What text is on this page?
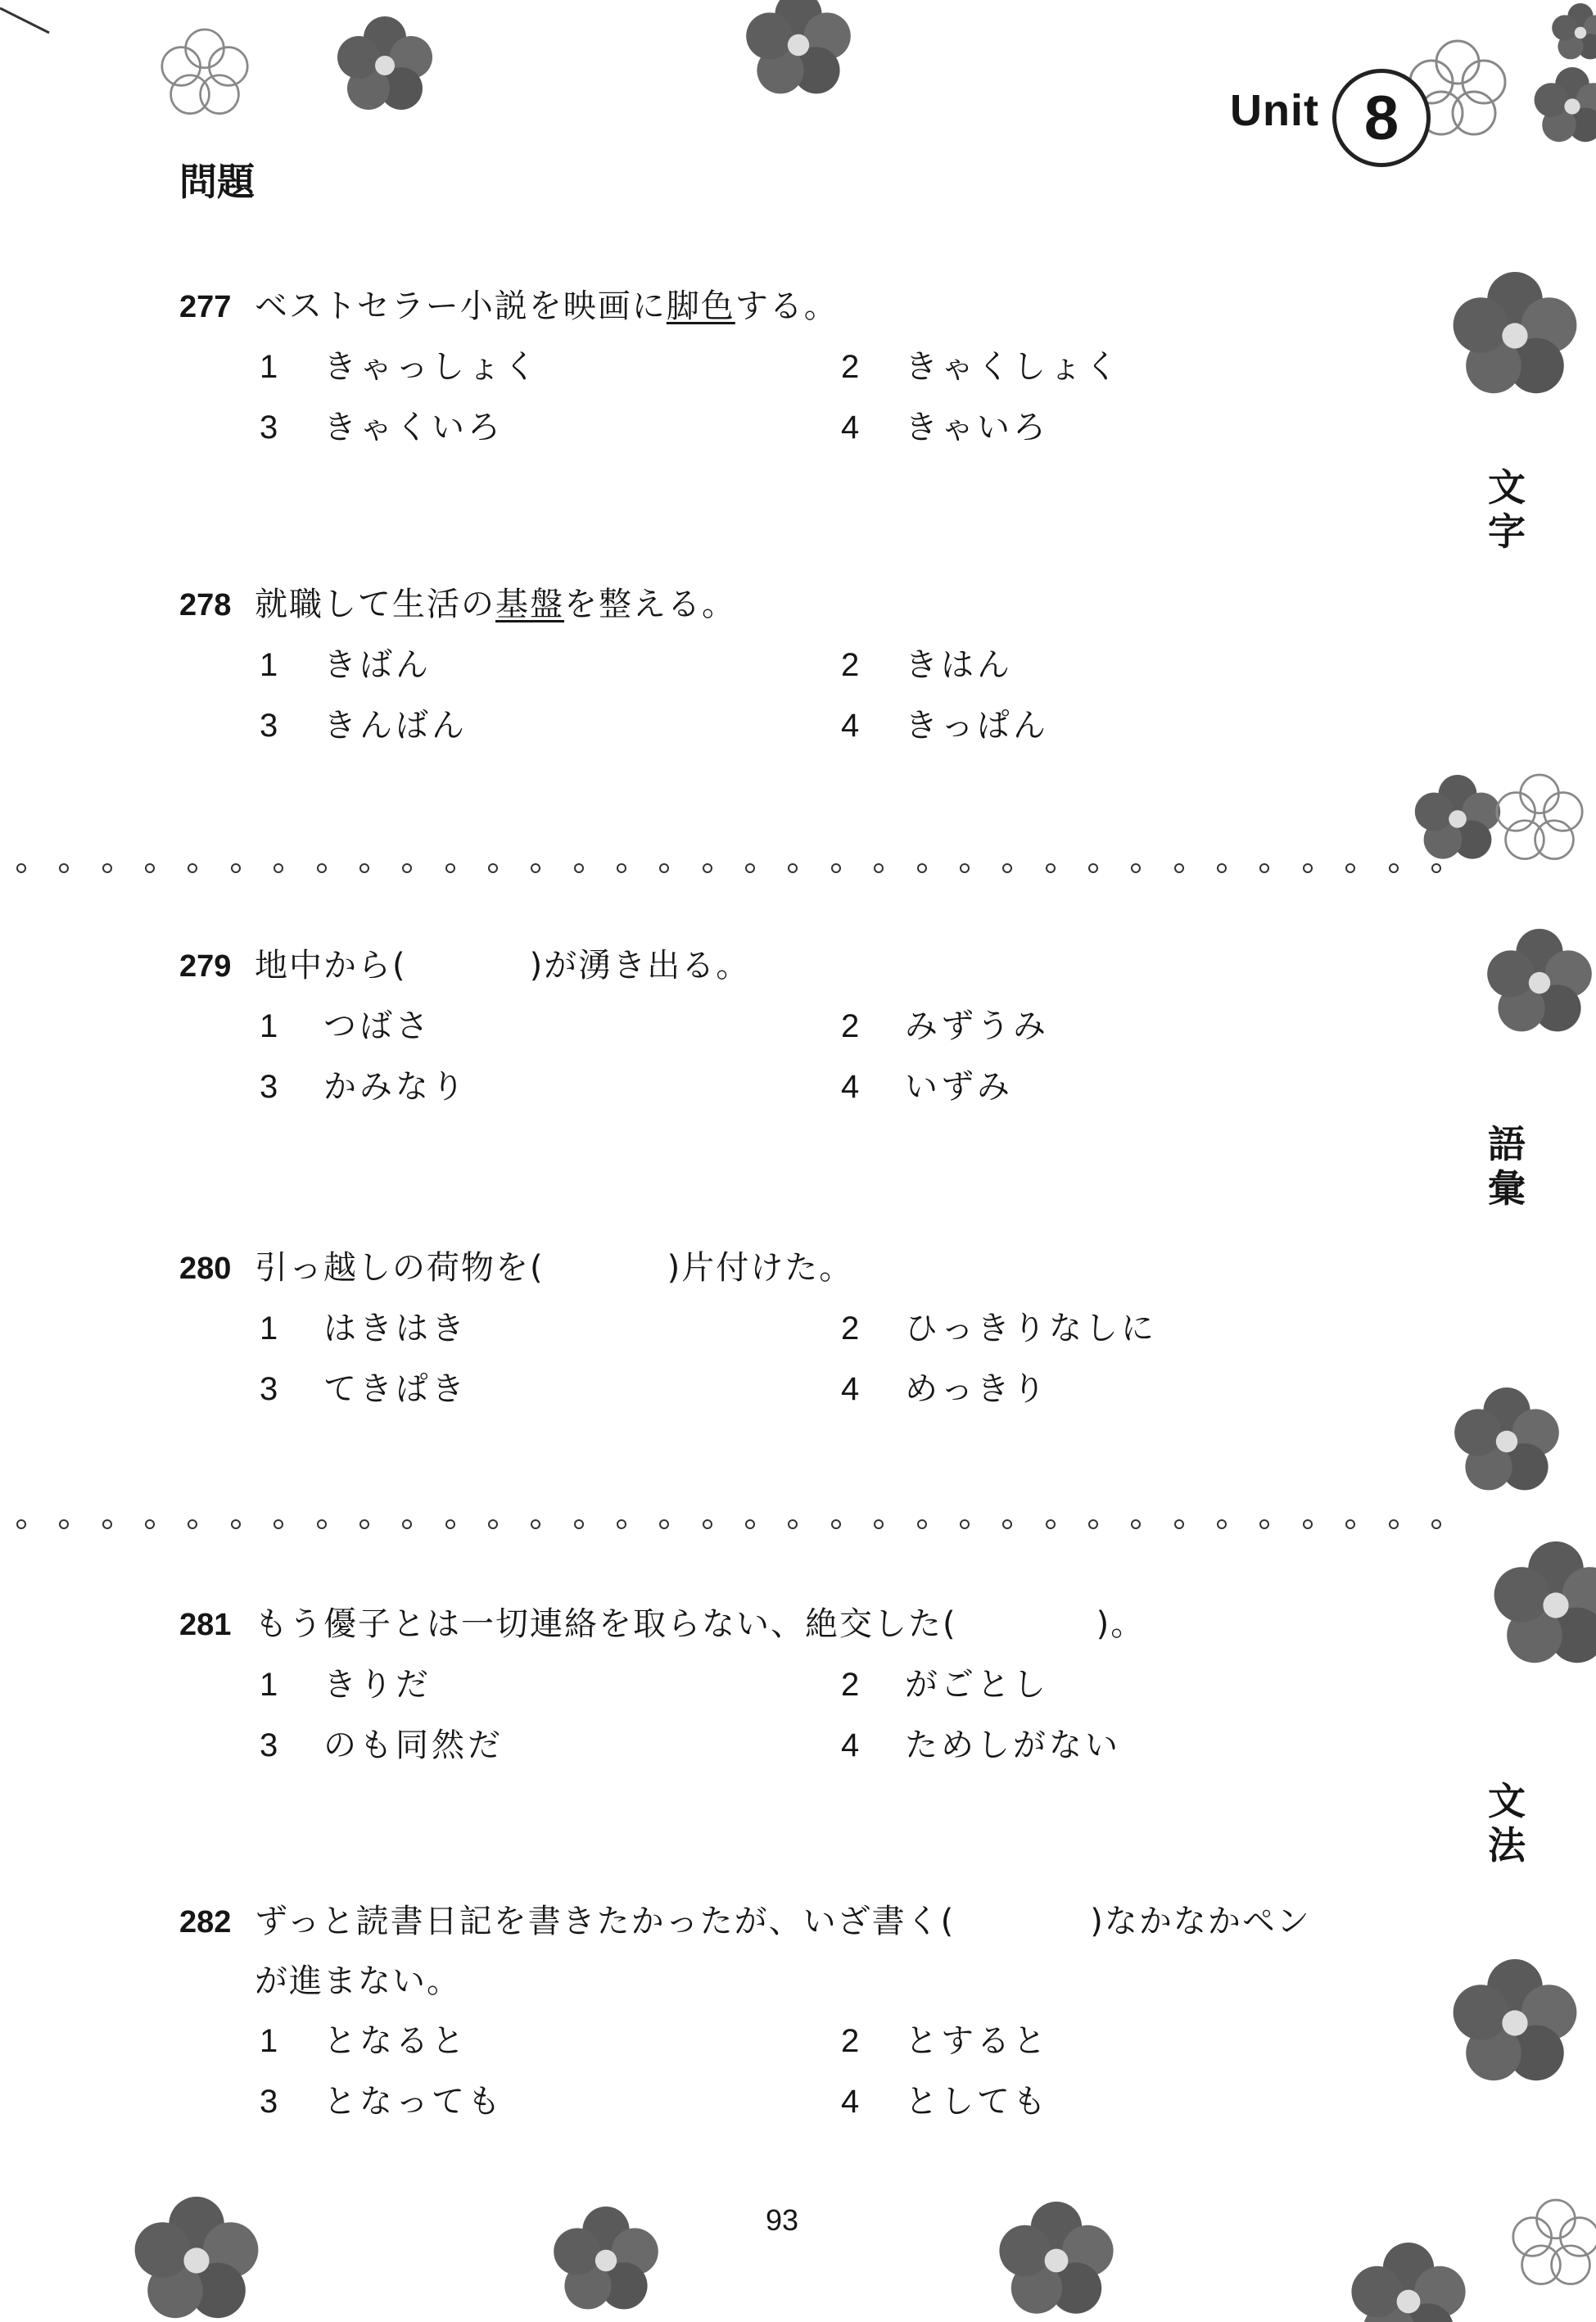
Unit 8
問題
文字
語彙
文法
277 ベストセラー小説を映画に脚色する。
1 きゃっしょく	2 きゃくしょく
3 きゃくいろ	4 きゃいろ
278 就職して生活の基盤を整える。
1 きばん	2 きはん
3 きんばん	4 きっぱん
279 地中から(	)が湧き出る。
1 つばさ	2 みずうみ
3 かみなり	4 いずみ
280 引っ越しの荷物を(	)片付けた。
1 はきはき	2 ひっきりなしに
3 てきぱき	4 めっきり
281 もう優子とは一切連絡を取らない、絶交した(	)。
1 きりだ	2 がごとし
3 のも同然だ	4 ためしがない
282 ずっと読書日記を書きたかったが、いざ書く(	)なかなかペン
が進まない。
1 となると	2 とすると
3 となっても	4 としても
93
